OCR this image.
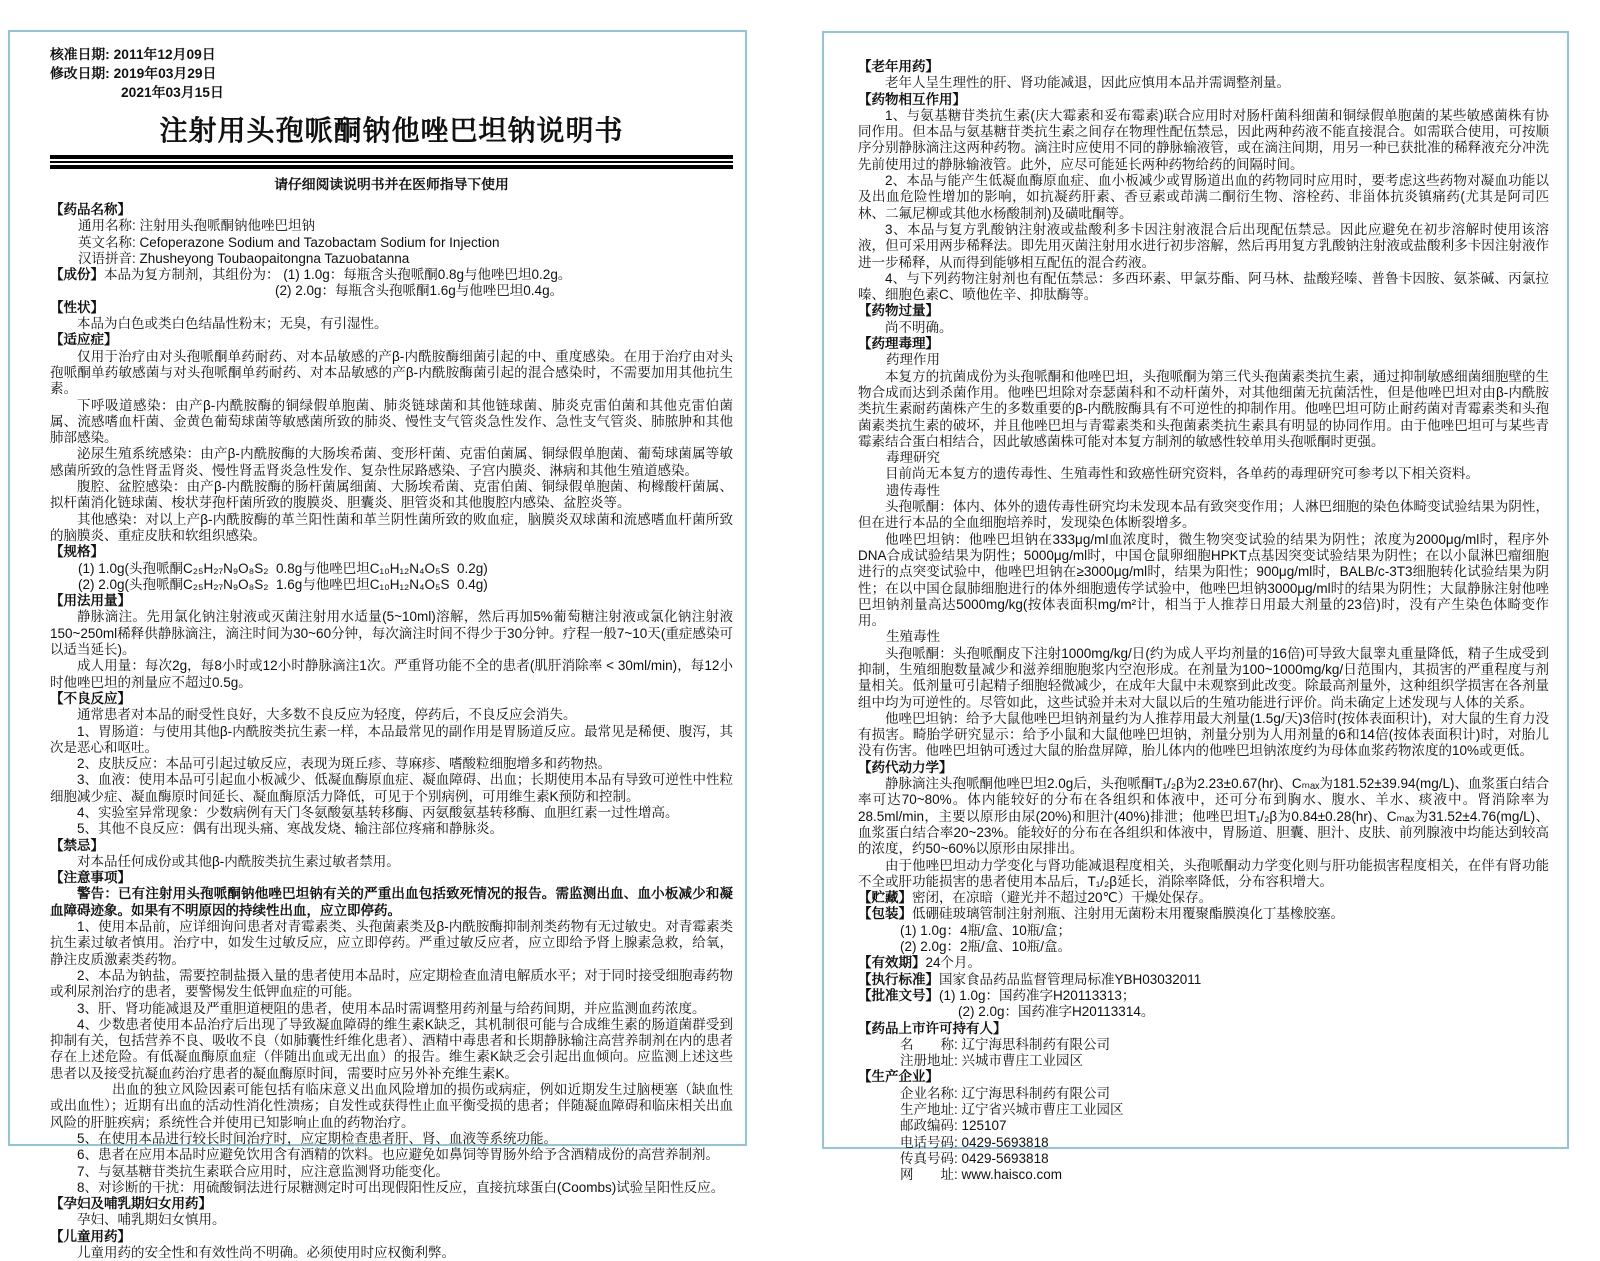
核准日期: 2011年12月09日
修改日期: 2019年03月29日
2021年03月15日
注射用头孢哌酮钠他唑巴坦钠说明书
请仔细阅读说明书并在医师指导下使用
【药品名称】
通用名称: 注射用头孢哌酮钠他唑巴坦钠
英文名称: Cefoperazone Sodium and Tazobactam Sodium for Injection
汉语拼音: Zhusheyong Toubaopaitongna Tazuobatanna
【成份】本品为复方制剂，其组份为： (1) 1.0g：每瓶含头孢哌酮0.8g与他唑巴坦0.2g。
(2) 2.0g：每瓶含头孢哌酮1.6g与他唑巴坦0.4g。
【性状】
本品为白色或类白色结晶性粉末；无臭，有引湿性。
【适应症】
仅用于治疗由对头孢哌酮单药耐药、对本品敏感的产β-内酰胺酶细菌引起的中、重度感染。在用于治疗由对头孢哌酮单药敏感菌与对头孢哌酮单药耐药、对本品敏感的产β-内酰胺酶菌引起的混合感染时，不需要加用其他抗生素。
下呼吸道感染：由产β-内酰胺酶的铜绿假单胞菌、肺炎链球菌和其他链球菌、肺炎克雷伯菌和其他克雷伯菌属、流感嗜血杆菌、金黄色葡萄球菌等敏感菌所致的肺炎、慢性支气管炎急性发作、急性支气管炎、肺脓肿和其他肺部感染。
泌尿生殖系统感染：由产β-内酰胺酶的大肠埃希菌、变形杆菌、克雷伯菌属、铜绿假单胞菌、葡萄球菌属等敏感菌所致的急性肾盂肾炎、慢性肾盂肾炎急性发作、复杂性尿路感染、子宫内膜炎、淋病和其他生殖道感染。
腹腔、盆腔感染：由产β-内酰胺酶的肠杆菌属细菌、大肠埃希菌、克雷伯菌、铜绿假单胞菌、枸橼酸杆菌属、拟杆菌消化链球菌、梭状芽孢杆菌所致的腹膜炎、胆囊炎、胆管炎和其他腹腔内感染、盆腔炎等。
其他感染：对以上产β-内酰胺酶的革兰阳性菌和革兰阴性菌所致的败血症，脑膜炎双球菌和流感嗜血杆菌所致的脑膜炎、重症皮肤和软组织感染。
【规格】
(1) 1.0g(头孢哌酮C₂₅H₂₇N₉O₈S₂  0.8g与他唑巴坦C₁₀H₁₂N₄O₅S  0.2g)
(2) 2.0g(头孢哌酮C₂₅H₂₇N₉O₈S₂  1.6g与他唑巴坦C₁₀H₁₂N₄O₅S  0.4g)
【用法用量】
静脉滴注。先用氯化钠注射液或灭菌注射用水适量(5~10ml)溶解，然后再加5%葡萄糖注射液或氯化钠注射液150~250ml稀释供静脉滴注，滴注时间为30~60分钟，每次滴注时间不得少于30分钟。疗程一般7~10天(重症感染可以适当延长)。
成人用量：每次2g，每8小时或12小时静脉滴注1次。严重肾功能不全的患者(肌肝消除率 < 30ml/min)，每12小时他唑巴坦的剂量应不超过0.5g。
【不良反应】
通常患者对本品的耐受性良好，大多数不良反应为轻度，停药后，不良反应会消失。
1、胃肠道：与使用其他β-内酰胺类抗生素一样，本品最常见的副作用是胃肠道反应。最常见是稀便、腹泻，其次是恶心和呕吐。
2、皮肤反应：本品可引起过敏反应，表现为斑丘疹、荨麻疹、嗜酸粒细胞增多和药物热。
3、血液：使用本品可引起血小板减少、低凝血酶原血症、凝血障碍、出血；长期使用本品有导致可逆性中性粒细胞减少症、凝血酶原时间延长、凝血酶原活力降低，可见于个别病例，可用维生素K预防和控制。
4、实验室异常现象：少数病例有天门冬氨酸氨基转移酶、丙氨酸氨基转移酶、血胆红素一过性增高。
5、其他不良反应：偶有出现头痛、寒战发烧、输注部位疼痛和静脉炎。
【禁忌】
对本品任何成份或其他β-内酰胺类抗生素过敏者禁用。
【注意事项】
警告：已有注射用头孢哌酮钠他唑巴坦钠有关的严重出血包括致死情况的报告。需监测出血、血小板减少和凝血障碍迹象。如果有不明原因的持续性出血，应立即停药。
1、使用本品前，应详细询问患者对青霉素类、头孢菌素类及β-内酰胺酶抑制剂类药物有无过敏史。对青霉素类抗生素过敏者慎用。治疗中，如发生过敏反应，应立即停药。严重过敏反应者，应立即给予肾上腺素急救，给氧，静注皮质激素类药物。
2、本品为钠盐，需要控制盐摄入量的患者使用本品时，应定期检查血清电解质水平；对于同时接受细胞毒药物或利尿剂治疗的患者，要警惕发生低钾血症的可能。
3、肝、肾功能减退及严重胆道梗阻的患者，使用本品时需调整用药剂量与给药间期，并应监测血药浓度。
4、少数患者使用本品治疗后出现了导致凝血障碍的维生素K缺乏，其机制很可能与合成维生素的肠道菌群受到抑制有关，包括营养不良、吸收不良（如肺囊性纤维化患者）、酒精中毒患者和长期静脉输注高营养制剂在内的患者存在上述危险。有低凝血酶原血症（伴随出血或无出血）的报告。维生素K缺乏会引起出血倾向。应监测上述这些患者以及接受抗凝血药治疗患者的凝血酶原时间，需要时应另外补充维生素K。
出血的独立风险因素可能包括有临床意义出血风险增加的损伤或病症，例如近期发生过脑梗塞（缺血性或出血性）；近期有出血的活动性消化性溃疡；自发性或获得性止血平衡受损的患者；伴随凝血障碍和临床相关出血风险的肝脏疾病；系统性合并使用已知影响止血的药物治疗。
5、在使用本品进行较长时间治疗时，应定期检查患者肝、肾、血液等系统功能。
6、患者在应用本品时应避免饮用含有酒精的饮料。也应避免如鼻饲等胃肠外给予含酒精成份的高营养制剂。
7、与氨基糖苷类抗生素联合应用时，应注意监测肾功能变化。
8、对诊断的干扰：用硫酸铜法进行尿糖测定时可出现假阳性反应，直接抗球蛋白(Coombs)试验呈阳性反应。
【孕妇及哺乳期妇女用药】
孕妇、哺乳期妇女慎用。
【儿童用药】
儿童用药的安全性和有效性尚不明确。必须使用时应权衡利弊。
【老年用药】
老年人呈生理性的肝、肾功能减退，因此应慎用本品并需调整剂量。
【药物相互作用】
1、与氨基糖苷类抗生素(庆大霉素和妥布霉素)联合应用时对肠杆菌科细菌和铜绿假单胞菌的某些敏感菌株有协同作用。但本品与氨基糖苷类抗生素之间存在物理性配伍禁忌，因此两种药液不能直接混合。如需联合使用，可按顺序分别静脉滴注这两种药物。滴注时应使用不同的静脉输液管，或在滴注间期，用另一种已获批准的稀释液充分冲洗先前使用过的静脉输液管。此外，应尽可能延长两种药物给药的间隔时间。
2、本品与能产生低凝血酶原血症、血小板减少或胃肠道出血的药物同时应用时，要考虑这些药物对凝血功能以及出血危险性增加的影响，如抗凝药肝素、香豆素或茚满二酮衍生物、溶栓药、非甾体抗炎镇痛药(尤其是阿司匹林、二氟尼柳或其他水杨酸制剂)及磺吡酮等。
3、本品与复方乳酸钠注射液或盐酸利多卡因注射液混合后出现配伍禁忌。因此应避免在初步溶解时使用该溶液，但可采用两步稀释法。即先用灭菌注射用水进行初步溶解，然后再用复方乳酸钠注射液或盐酸利多卡因注射液作进一步稀释，从而得到能够相互配伍的混合药液。
4、与下列药物注射剂也有配伍禁忌：多西环素、甲氯芬酯、阿马林、盐酸羟嗪、普鲁卡因胺、氨茶碱、丙氯拉嗪、细胞色素C、喷他佐辛、抑肽酶等。
【药物过量】
尚不明确。
【药理毒理】
药理作用
本复方的抗菌成份为头孢哌酮和他唑巴坦，头孢哌酮为第三代头孢菌素类抗生素，通过抑制敏感细菌细胞壁的生物合成而达到杀菌作用。他唑巴坦除对奈瑟菌科和不动杆菌外，对其他细菌无抗菌活性，但是他唑巴坦对由β-内酰胺类抗生素耐药菌株产生的多数重要的β-内酰胺酶具有不可逆性的抑制作用。他唑巴坦可防止耐药菌对青霉素类和头孢菌素类抗生素的破坏，并且他唑巴坦与青霉素类和头孢菌素类抗生素具有明显的协同作用。由于他唑巴坦可与某些青霉素结合蛋白相结合，因此敏感菌株可能对本复方制剂的敏感性较单用头孢哌酮时更强。
毒理研究
目前尚无本复方的遗传毒性、生殖毒性和致癌性研究资料，各单药的毒理研究可参考以下相关资料。
遗传毒性
头孢哌酮：体内、体外的遗传毒性研究均未发现本品有致突变作用；人淋巴细胞的染色体畸变试验结果为阴性，但在进行本品的全血细胞培养时，发现染色体断裂增多。
他唑巴坦钠：他唑巴坦钠在333μg/ml血浓度时，微生物突变试验的结果为阴性；浓度为2000μg/ml时，程序外DNA合成试验结果为阴性；5000μg/ml时，中国仓鼠卵细胞HPKT点基因突变试验结果为阴性；在以小鼠淋巴瘤细胞进行的点突变试验中，他唑巴坦钠在≥3000μg/ml时，结果为阳性；900μg/ml时，BALB/c-3T3细胞转化试验结果为阴性；在以中国仓鼠肺细胞进行的体外细胞遗传学试验中，他唑巴坦钠3000μg/ml时的结果为阴性；大鼠静脉注射他唑巴坦钠剂量高达5000mg/kg(按体表面积mg/m²计，相当于人推荐日用最大剂量的23倍)时，没有产生染色体畸变作用。
生殖毒性
头孢哌酮：头孢哌酮皮下注射1000mg/kg/日(约为成人平均剂量的16倍)可导致大鼠睾丸重量降低，精子生成受到抑制，生殖细胞数量减少和滋养细胞胞浆内空泡形成。在剂量为100~1000mg/kg/日范围内，其损害的严重程度与剂量相关。低剂量可引起精子细胞轻微减少，在成年大鼠中未观察到此改变。除最高剂量外，这种组织学损害在各剂量组中均为可逆性的。尽管如此，这些试验并未对大鼠以后的生殖功能进行评价。尚未确定上述发现与人体的关系。
他唑巴坦钠：给予大鼠他唑巴坦钠剂量约为人推荐用最大剂量(1.5g/天)3倍时(按体表面积计)，对大鼠的生育力没有损害。畸胎学研究显示：给予小鼠和大鼠他唑巴坦钠，剂量分别为人用剂量的6和14倍(按体表面积计)时，对胎儿没有伤害。他唑巴坦钠可透过大鼠的胎盘屏障，胎儿体内的他唑巴坦钠浓度约为母体血浆药物浓度的10%或更低。
【药代动力学】
静脉滴注头孢哌酮他唑巴坦2.0g后，头孢哌酮T₁/₂β为2.23±0.67(hr)、Cₘₐₓ为181.52±39.94(mg/L)、血浆蛋白结合率可达70~80%。体内能较好的分布在各组织和体液中，还可分布到胸水、腹水、羊水、痰液中。肾消除率为28.5ml/min，主要以原形由尿(20%)和胆汁(40%)排泄；他唑巴坦T₁/₂β为0.84±0.28(hr)、Cₘₐₓ为31.52±4.76(mg/L)、血浆蛋白结合率20~23%。能较好的分布在各组织和体液中，胃肠道、胆囊、胆汁、皮肤、前列腺液中均能达到较高的浓度，约50~60%以原形由尿排出。
由于他唑巴坦动力学变化与肾功能减退程度相关，头孢哌酮动力学变化则与肝功能损害程度相关，在伴有肾功能不全或肝功能损害的患者使用本品后，T₁/₂β延长，消除率降低，分布容积增大。
【贮藏】密闭，在凉暗（避光并不超过20℃）干燥处保存。
【包装】低硼硅玻璃管制注射剂瓶、注射用无菌粉末用覆聚酯膜溴化丁基橡胶塞。
(1) 1.0g：4瓶/盒、10瓶/盒；
(2) 2.0g：2瓶/盒、10瓶/盒。
【有效期】24个月。
【执行标准】国家食品药品监督管理局标准YBH03032011
【批准文号】(1) 1.0g：国药准字H20113313；
(2) 2.0g：国药准字H20113314。
【药品上市许可持有人】
名　　称: 辽宁海思科制药有限公司
注册地址: 兴城市曹庄工业园区
【生产企业】
企业名称: 辽宁海思科制药有限公司
生产地址: 辽宁省兴城市曹庄工业园区
邮政编码: 125107
电话号码: 0429-5693818
传真号码: 0429-5693818
网　　址: www.haisco.com
